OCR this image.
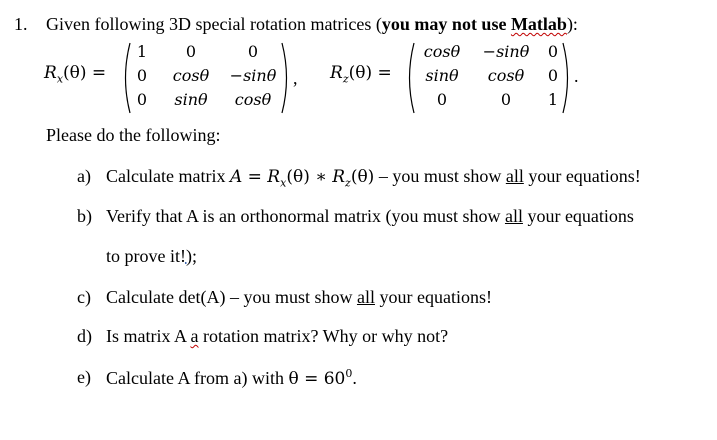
1. Given following 3D special rotation matrices (you may not use Matlab):
$R_x(\theta)$ =
1	0	0
0	cosθ	−sinθ
0	sinθ	cosθ
, $R_z(\theta)$ =
cosθ	−sinθ	0
sinθ	cosθ	0
0	0	1
.
Please do the following:
a) Calculate matrix $A = R_x(\theta)$ ∗ $R_z(\theta)$ – you must show all your equations!
b) Verify that A is an orthonormal matrix (you must show all your equations
to prove it!);
c) Calculate det(A) – you must show all your equations!
d) Is matrix A a rotation matrix? Why or why not?
e) Calculate A from a) with $\theta = 60^0$.
